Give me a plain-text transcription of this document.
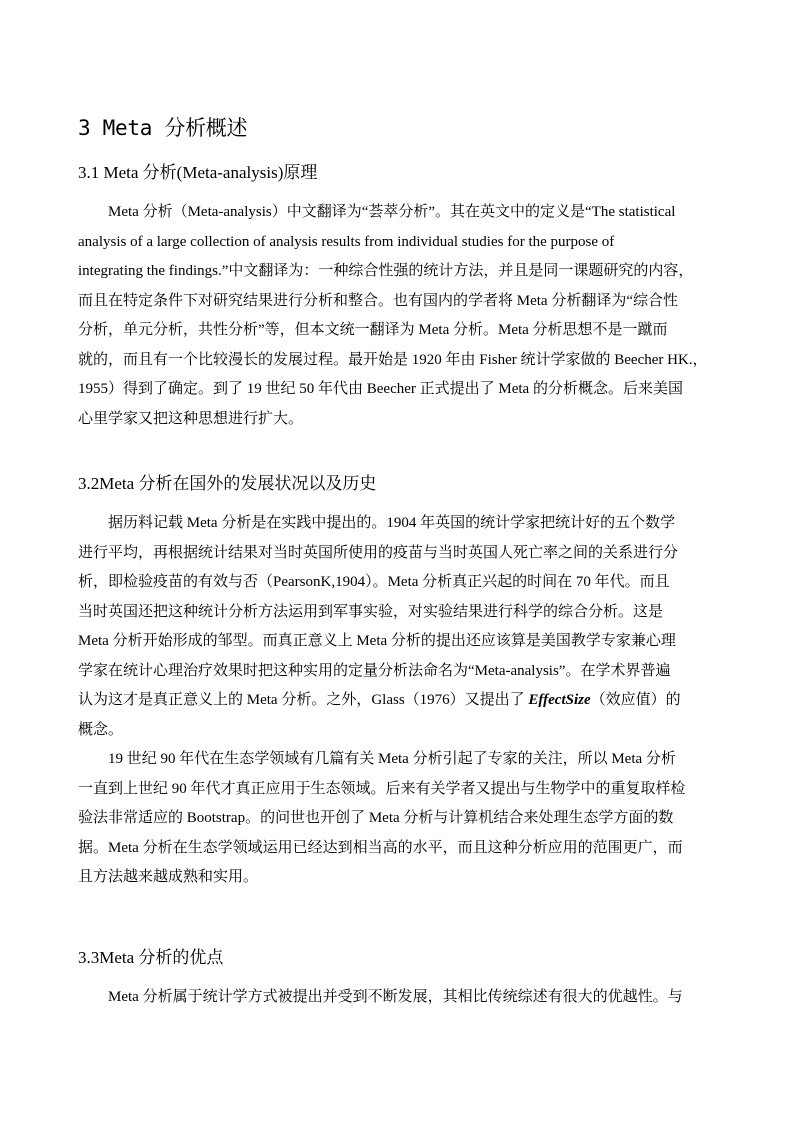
3 Meta 分析概述
3.1 Meta 分析(Meta-analysis)原理
Meta 分析（Meta-analysis）中文翻译为“荟萃分析”。其在英文中的定义是“The statistical
analysis of a large collection of analysis results from individual studies for the purpose of
integrating the findings.”中文翻译为：一种综合性强的统计方法，并且是同一课题研究的内容，
而且在特定条件下对研究结果进行分析和整合。也有国内的学者将 Meta 分析翻译为“综合性
分析，单元分析，共性分析”等，但本文统一翻译为 Meta 分析。Meta 分析思想不是一蹴而
就的，而且有一个比较漫长的发展过程。最开始是 1920 年由 Fisher 统计学家做的 Beecher HK.，
1955）得到了确定。到了 19 世纪 50 年代由 Beecher 正式提出了 Meta 的分析概念。后来美国
心里学家又把这种思想进行扩大。
3.2Meta 分析在国外的发展状况以及历史
据历料记载 Meta 分析是在实践中提出的。1904 年英国的统计学家把统计好的五个数学
进行平均，再根据统计结果对当时英国所使用的疫苗与当时英国人死亡率之间的关系进行分
析，即检验疫苗的有效与否（PearsonK,1904）。Meta 分析真正兴起的时间在 70 年代。而且
当时英国还把这种统计分析方法运用到军事实验，对实验结果进行科学的综合分析。这是
Meta 分析开始形成的邹型。而真正意义上 Meta 分析的提出还应该算是美国教学专家兼心理
学家在统计心理治疗效果时把这种实用的定量分析法命名为“Meta-analysis”。在学术界普遍
认为这才是真正意义上的 Meta 分析。之外，Glass（1976）又提出了 EffectSize（效应值）的
概念。
19 世纪 90 年代在生态学领域有几篇有关 Meta 分析引起了专家的关注，所以 Meta 分析
一直到上世纪 90 年代才真正应用于生态领域。后来有关学者又提出与生物学中的重复取样检
验法非常适应的 Bootstrap。的问世也开创了 Meta 分析与计算机结合来处理生态学方面的数
据。Meta 分析在生态学领域运用已经达到相当高的水平，而且这种分析应用的范围更广，而
且方法越来越成熟和实用。
3.3Meta 分析的优点
Meta 分析属于统计学方式被提出并受到不断发展，其相比传统综述有很大的优越性。与
